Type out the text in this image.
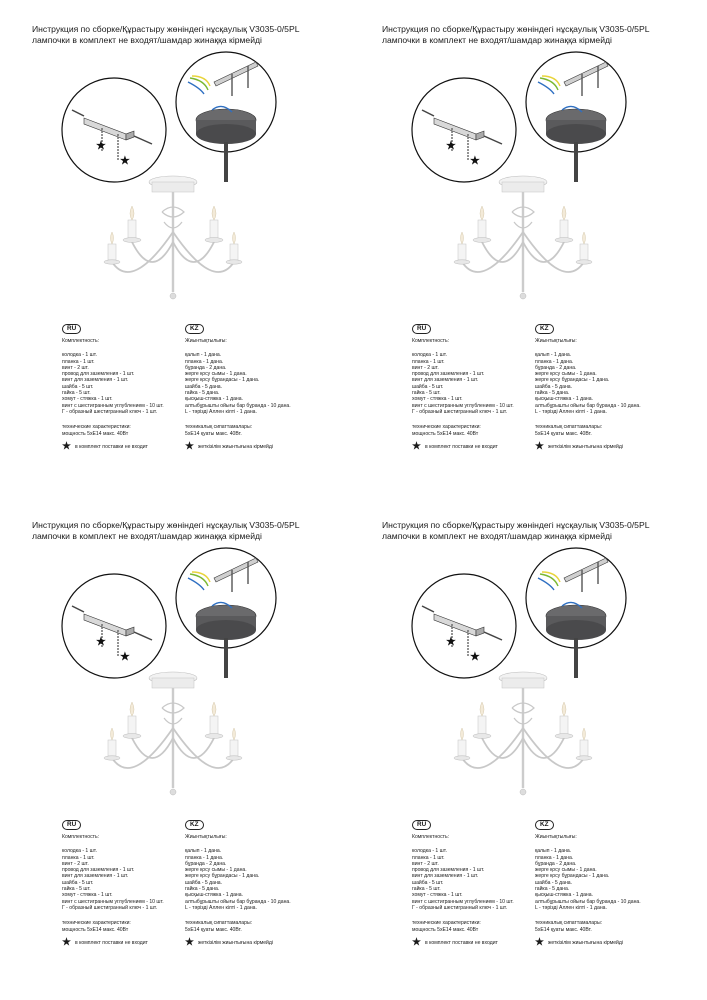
Инструкция по сборке/Құрастыру жөніндегі нұсқаулық V3035-0/5PL

лампочки в комплект не входят/шамдар жинаққа кірмейді

★
★
RU
Комплектность:
колодка - 1 шт.
планка - 1 шт.
винт - 2 шт.
провод для заземления - 1 шт.
винт для заземления - 1 шт.
шайба - 5 шт.
гайка - 5 шт.
хомут - стяжка - 1 шт.
винт с шестигранным углублением - 10 шт.
Г - образный шестигранный ключ - 1 шт.
технические характеристики:
мощность 5хЕ14 макс. 40Вт
★ в комплект поставки не входит
KZ
Жиынтықтылығы:
қалып - 1 дана.
планка - 1 дана.
бұранда - 2 дана.
жерге қосу сымы - 1 дана.
жерге қосу бұрандасы - 1 дана.
шайба - 5 дана.
гайка - 5 дана.
қысқыш-стяжка - 1 дана.
алтыбұрышты ойығы бар бұранда - 10 дана.
L - тәрізді Аллен кілті - 1 дана.
техникалық сипаттамалары:
5хЕ14 қуаты макс. 40Вт.
★ жеткізілім жиынтығына кірмейді

Инструкция по сборке/Құрастыру жөніндегі нұсқаулық V3035-0/5PL

лампочки в комплект не входят/шамдар жинаққа кірмейді

★
★
RU
Комплектность:
колодка - 1 шт.
планка - 1 шт.
винт - 2 шт.
провод для заземления - 1 шт.
винт для заземления - 1 шт.
шайба - 5 шт.
гайка - 5 шт.
хомут - стяжка - 1 шт.
винт с шестигранным углублением - 10 шт.
Г - образный шестигранный ключ - 1 шт.
технические характеристики:
мощность 5хЕ14 макс. 40Вт
★ в комплект поставки не входит
KZ
Жиынтықтылығы:
қалып - 1 дана.
планка - 1 дана.
бұранда - 2 дана.
жерге қосу сымы - 1 дана.
жерге қосу бұрандасы - 1 дана.
шайба - 5 дана.
гайка - 5 дана.
қысқыш-стяжка - 1 дана.
алтыбұрышты ойығы бар бұранда - 10 дана.
L - тәрізді Аллен кілті - 1 дана.
техникалық сипаттамалары:
5хЕ14 қуаты макс. 40Вт.
★ жеткізілім жиынтығына кірмейді

Инструкция по сборке/Құрастыру жөніндегі нұсқаулық V3035-0/5PL

лампочки в комплект не входят/шамдар жинаққа кірмейді

★
★
RU
Комплектность:
колодка - 1 шт.
планка - 1 шт.
винт - 2 шт.
провод для заземления - 1 шт.
винт для заземления - 1 шт.
шайба - 5 шт.
гайка - 5 шт.
хомут - стяжка - 1 шт.
винт с шестигранным углублением - 10 шт.
Г - образный шестигранный ключ - 1 шт.
технические характеристики:
мощность 5хЕ14 макс. 40Вт
★ в комплект поставки не входит
KZ
Жиынтықтылығы:
қалып - 1 дана.
планка - 1 дана.
бұранда - 2 дана.
жерге қосу сымы - 1 дана.
жерге қосу бұрандасы - 1 дана.
шайба - 5 дана.
гайка - 5 дана.
қысқыш-стяжка - 1 дана.
алтыбұрышты ойығы бар бұранда - 10 дана.
L - тәрізді Аллен кілті - 1 дана.
техникалық сипаттамалары:
5хЕ14 қуаты макс. 40Вт.
★ жеткізілім жиынтығына кірмейді

Инструкция по сборке/Құрастыру жөніндегі нұсқаулық V3035-0/5PL

лампочки в комплект не входят/шамдар жинаққа кірмейді

★
★
RU
Комплектность:
колодка - 1 шт.
планка - 1 шт.
винт - 2 шт.
провод для заземления - 1 шт.
винт для заземления - 1 шт.
шайба - 5 шт.
гайка - 5 шт.
хомут - стяжка - 1 шт.
винт с шестигранным углублением - 10 шт.
Г - образный шестигранный ключ - 1 шт.
технические характеристики:
мощность 5хЕ14 макс. 40Вт
★ в комплект поставки не входит
KZ
Жиынтықтылығы:
қалып - 1 дана.
планка - 1 дана.
бұранда - 2 дана.
жерге қосу сымы - 1 дана.
жерге қосу бұрандасы - 1 дана.
шайба - 5 дана.
гайка - 5 дана.
қысқыш-стяжка - 1 дана.
алтыбұрышты ойығы бар бұранда - 10 дана.
L - тәрізді Аллен кілті - 1 дана.
техникалық сипаттамалары:
5хЕ14 қуаты макс. 40Вт.
★ жеткізілім жиынтығына кірмейді
